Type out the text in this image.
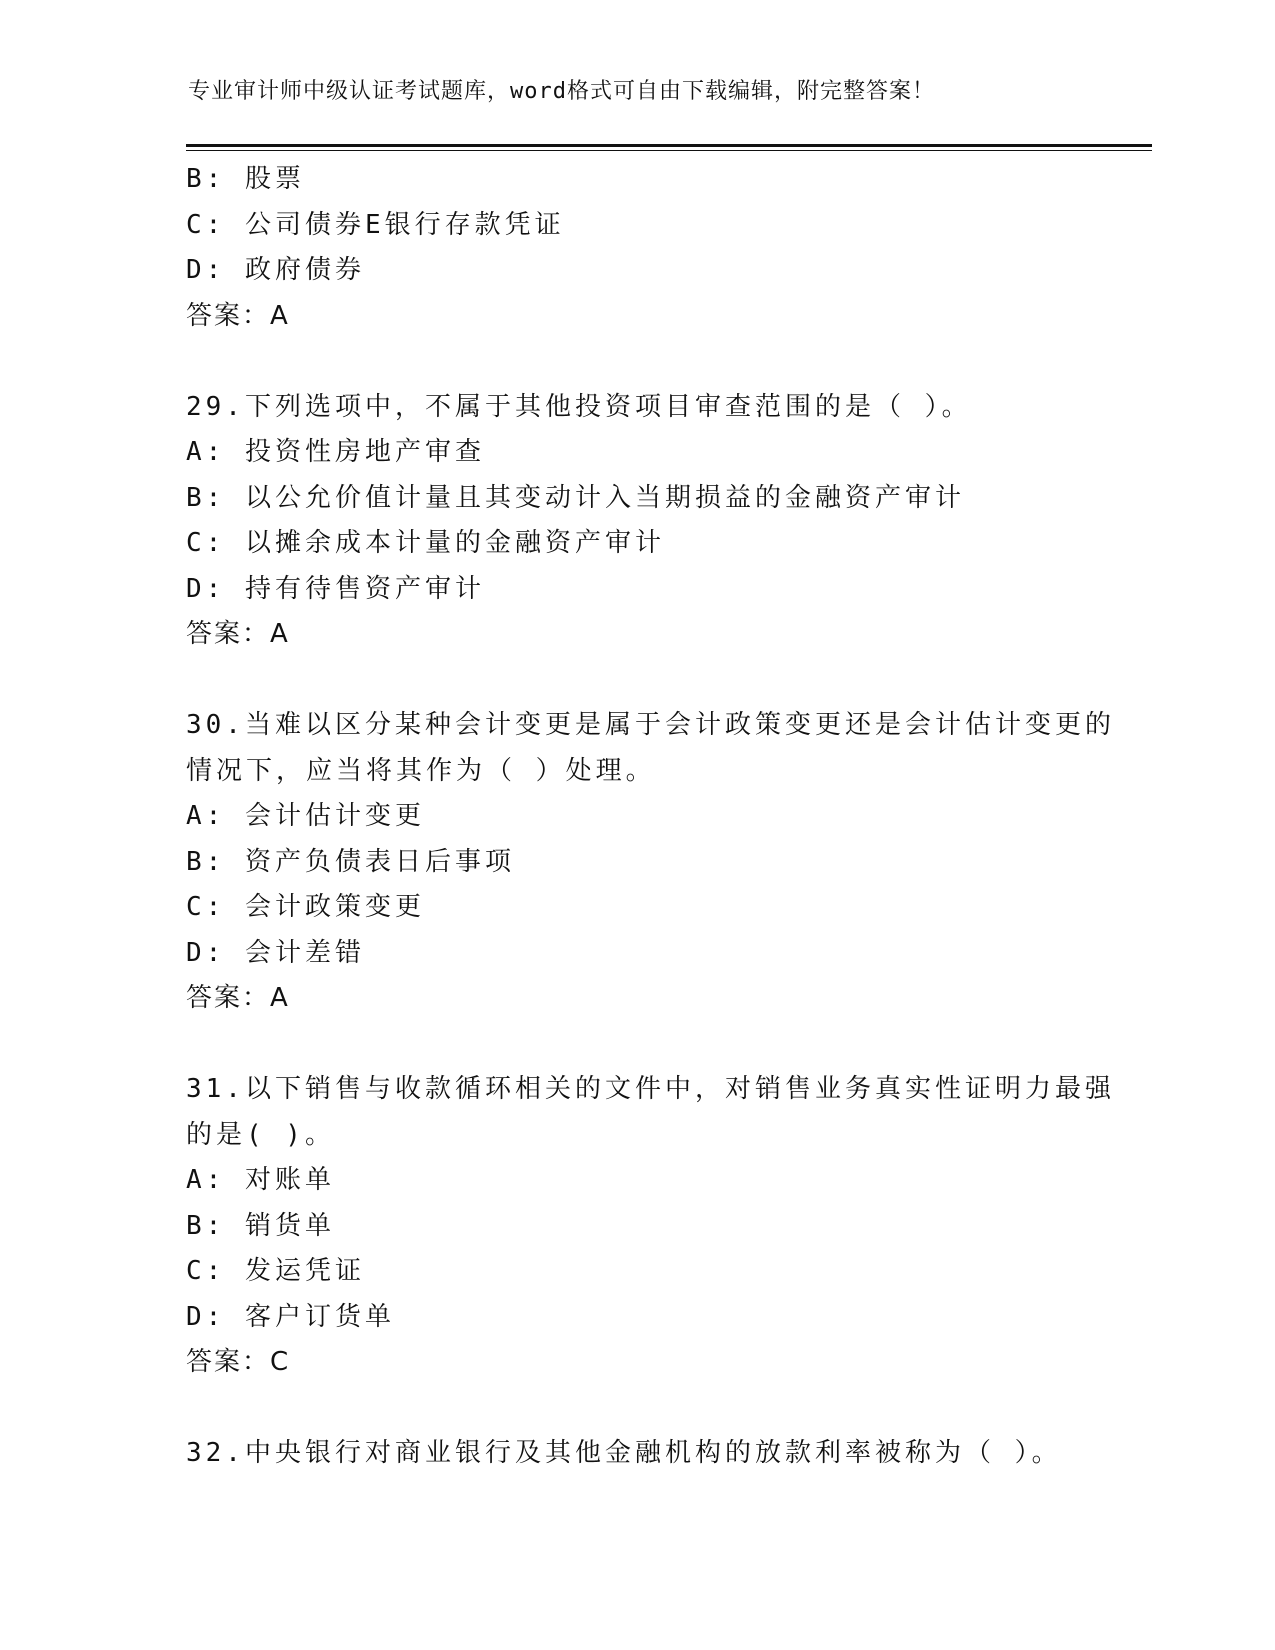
专业审计师中级认证考试题库，word格式可自由下载编辑，附完整答案！
B: 股票
C: 公司债券E银行存款凭证
D: 政府债券
答案：A
29.下列选项中，不属于其他投资项目审查范围的是（ ）。
A: 投资性房地产审查
B: 以公允价值计量且其变动计入当期损益的金融资产审计
C: 以摊余成本计量的金融资产审计
D: 持有待售资产审计
答案：A
30.当难以区分某种会计变更是属于会计政策变更还是会计估计变更的
情况下，应当将其作为（ ）处理。
A: 会计估计变更
B: 资产负债表日后事项
C: 会计政策变更
D: 会计差错
答案：A
31.以下销售与收款循环相关的文件中，对销售业务真实性证明力最强
的是( )。
A: 对账单
B: 销货单
C: 发运凭证
D: 客户订货单
答案：C
32.中央银行对商业银行及其他金融机构的放款利率被称为（ ）。
